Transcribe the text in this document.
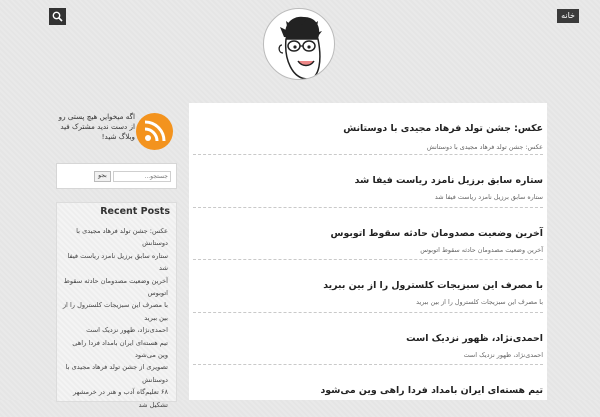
خانه
اگه میخوایں هیچ پستی رو از دست ندید مشترک فید وبلاگ شید!
جستجو...
بجو
Recent Posts
عکس: جشن تولد فرهاد مجیدی با دوستانش
ستاره سابق برزیل نامزد ریاست فیفا شد
آخرین وضعیت مصدومان حادثه سقوط اتوبوس
با مصرف این سبزیجات کلسترول را از بین ببرید
احمدی‌نژاد، ظهور نزدیک است
تیم هسته‌ای ایران بامداد فردا راهی وین می‌شود
تصویری از جشن تولد فرهاد مجیدی با دوستانش
۶۸ تعلیم‌گاه آدب و هنر در خرمشهر تشکیل شد
عکس: جشن تولد فرهاد مجیدی با دوستانش
عکس: جشن تولد فرهاد مجیدی با دوستانش
ستاره سابق برزیل نامزد ریاست فیفا شد
ستاره سابق برزیل نامزد ریاست فیفا شد
آخرین وضعیت مصدومان حادثه سقوط اتوبوس
آخرین وضعیت مصدومان حادثه سقوط اتوبوس
با مصرف این سبزیجات کلسترول را از بین ببرید
با مصرف این سبزیجات کلسترول را از بین ببرید
احمدی‌نژاد، ظهور نزدیک است
احمدی‌نژاد، ظهور نزدیک است
تیم هسته‌ای ایران بامداد فردا راهی وین می‌شود
